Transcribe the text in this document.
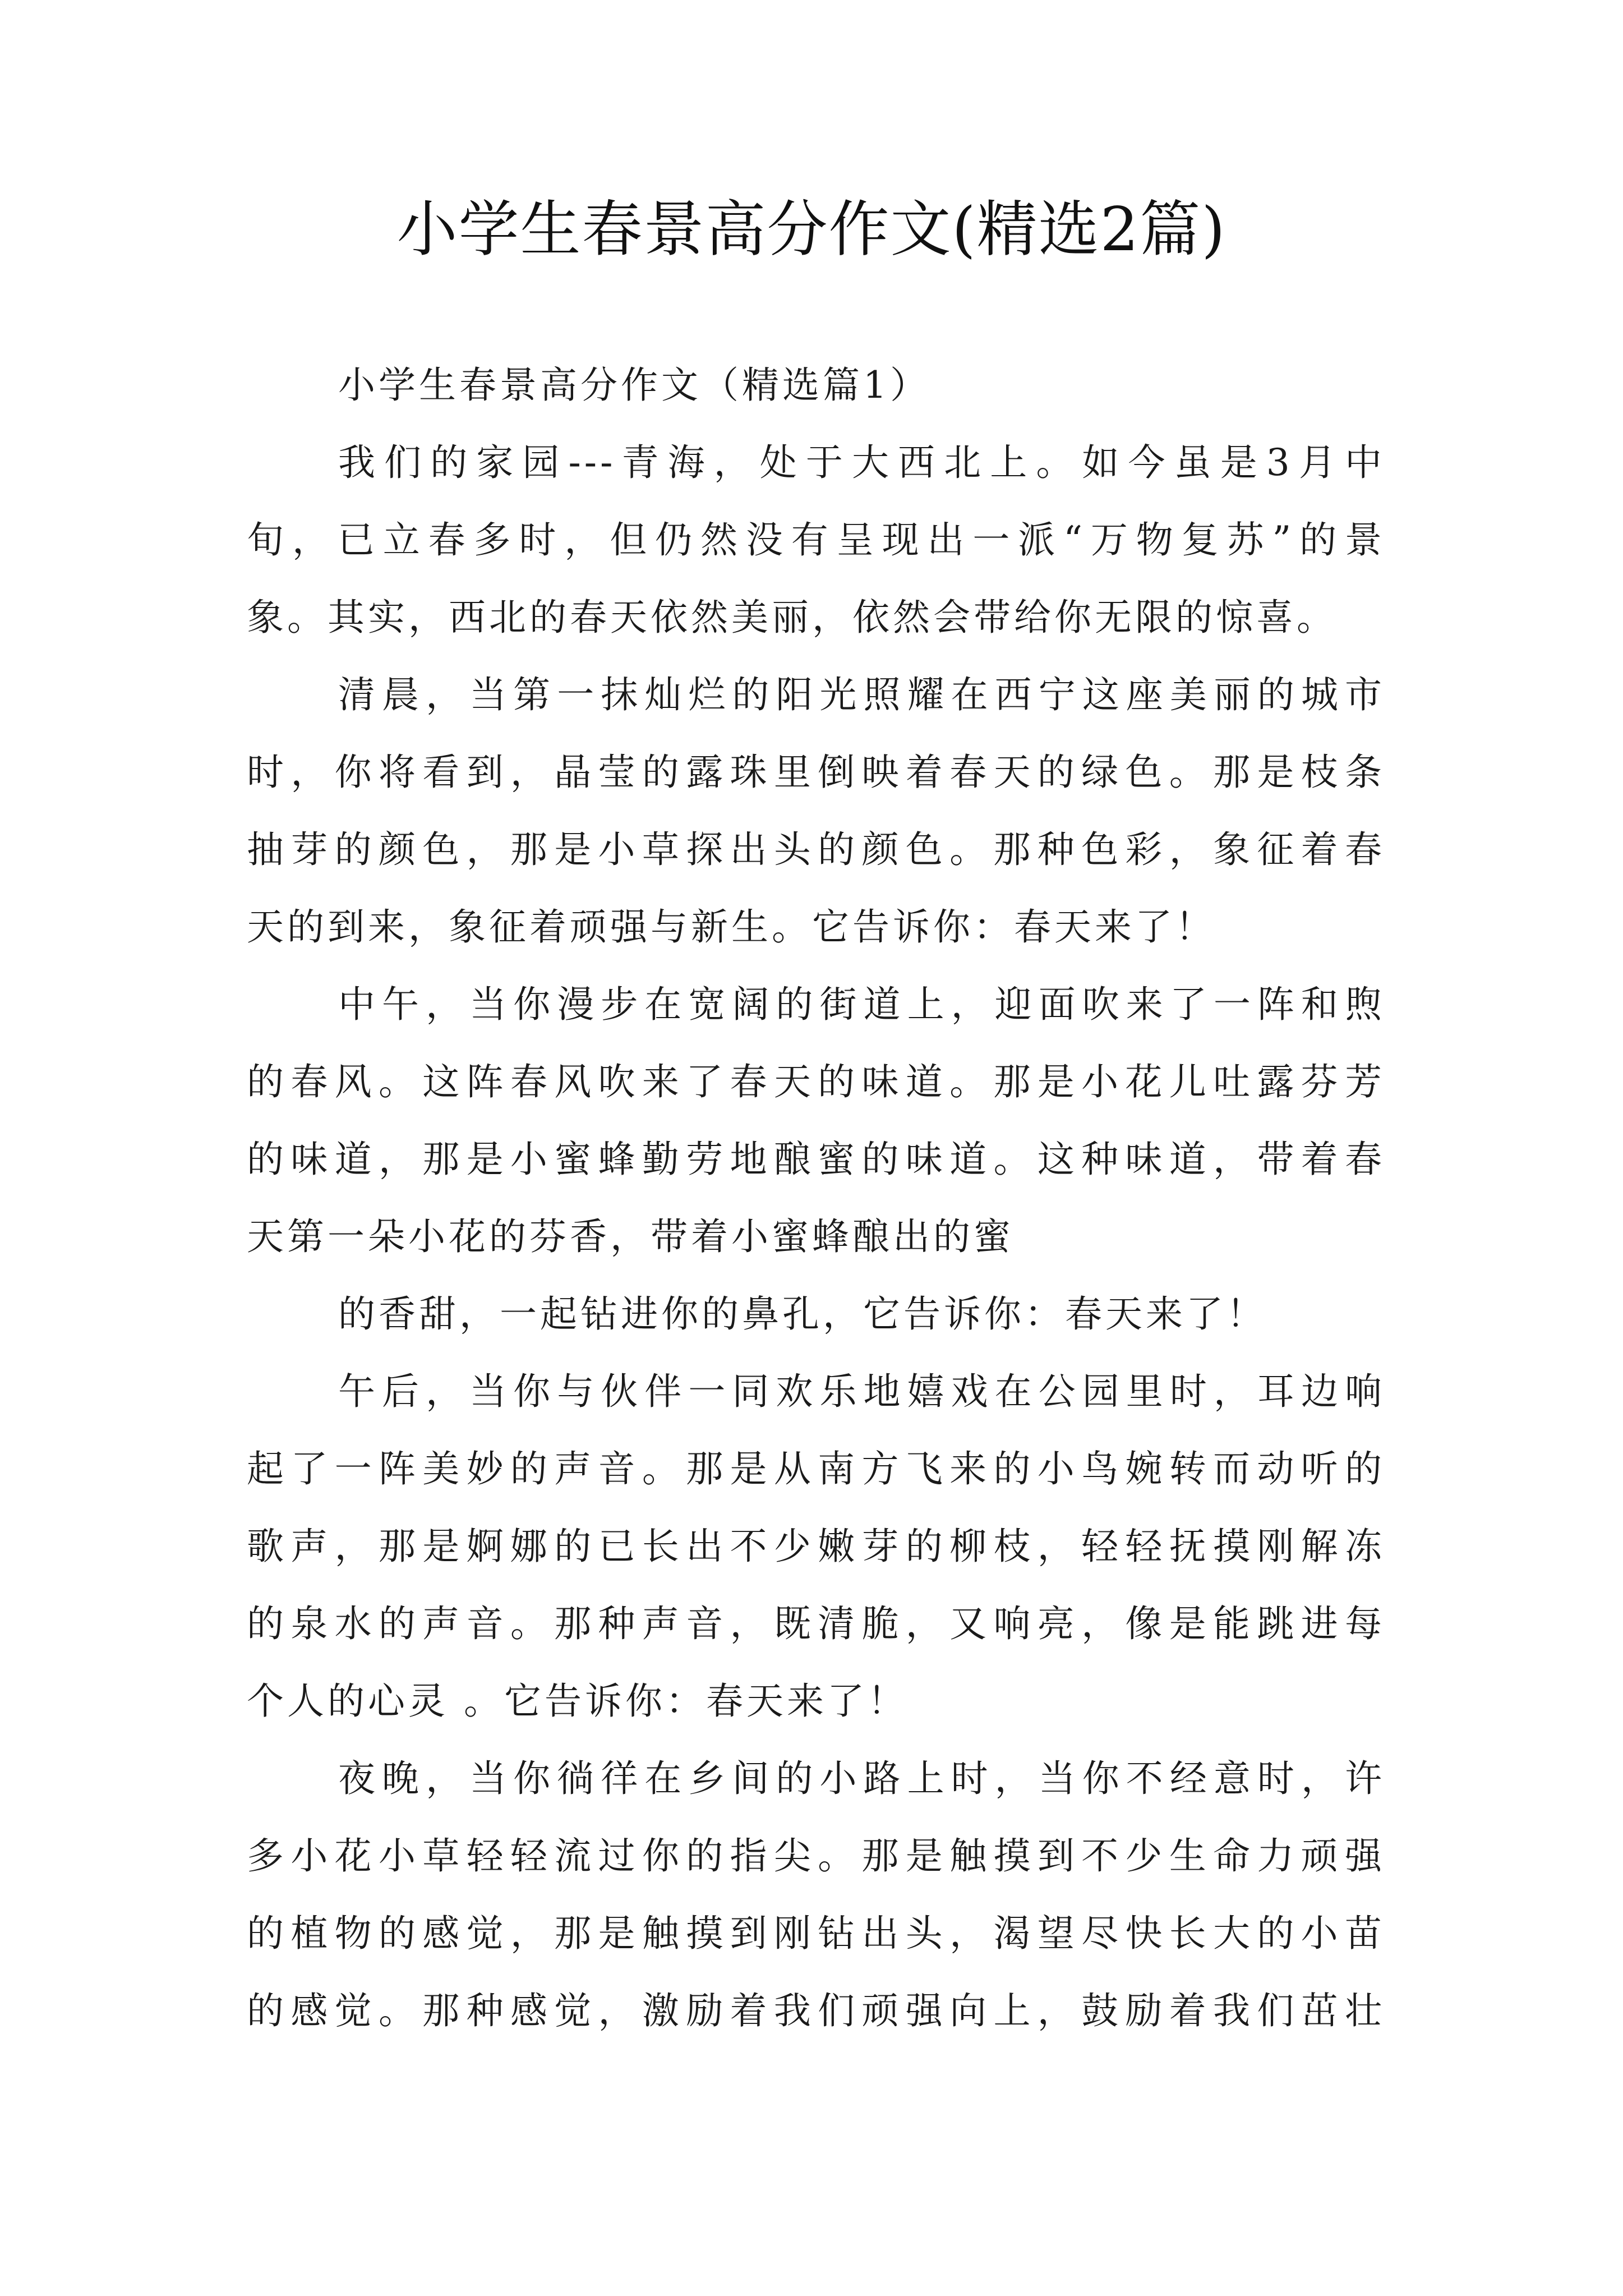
小学生春景高分作文(精选2篇)
小学生春景高分作文（精选篇1）
我们的家园---青海，处于大西北上。如今虽是3月中
旬，已立春多时，但仍然没有呈现出一派“万物复苏”的景
象。其实，西北的春天依然美丽，依然会带给你无限的惊喜。
清晨，当第一抹灿烂的阳光照耀在西宁这座美丽的城市
时，你将看到，晶莹的露珠里倒映着春天的绿色。那是枝条
抽芽的颜色，那是小草探出头的颜色。那种色彩，象征着春
天的到来，象征着顽强与新生。它告诉你：春天来了！
中午，当你漫步在宽阔的街道上，迎面吹来了一阵和煦
的春风。这阵春风吹来了春天的味道。那是小花儿吐露芬芳
的味道，那是小蜜蜂勤劳地酿蜜的味道。这种味道，带着春
天第一朵小花的芬香，带着小蜜蜂酿出的蜜
的香甜，一起钻进你的鼻孔，它告诉你：春天来了！
午后，当你与伙伴一同欢乐地嬉戏在公园里时，耳边响
起了一阵美妙的声音。那是从南方飞来的小鸟婉转而动听的
歌声，那是婀娜的已长出不少嫩芽的柳枝，轻轻抚摸刚解冻
的泉水的声音。那种声音，既清脆，又响亮，像是能跳进每
个人的心灵 。它告诉你：春天来了！
夜晚，当你徜徉在乡间的小路上时，当你不经意时，许
多小花小草轻轻流过你的指尖。那是触摸到不少生命力顽强
的植物的感觉，那是触摸到刚钻出头，渴望尽快长大的小苗
的感觉。那种感觉，激励着我们顽强向上，鼓励着我们茁壮
